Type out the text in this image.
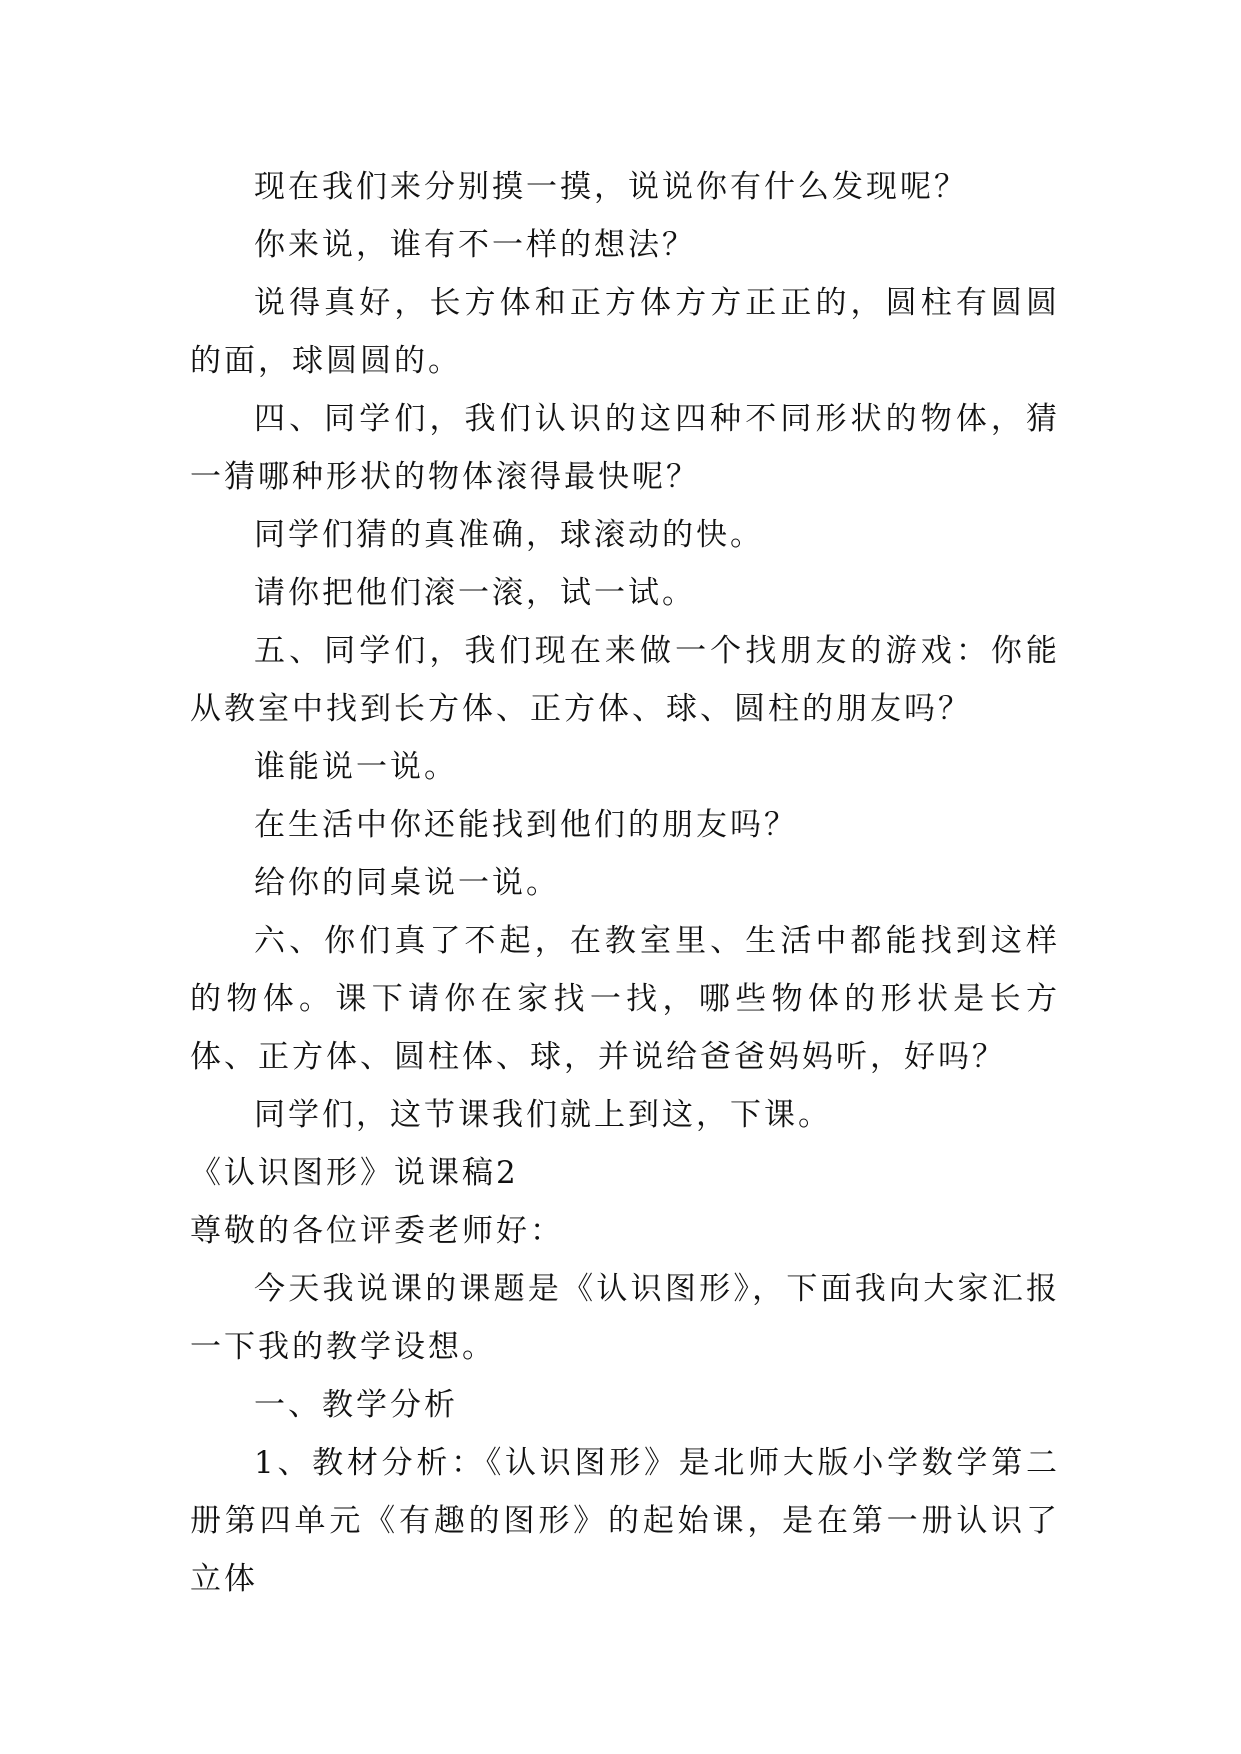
现在我们来分别摸一摸，说说你有什么发现呢？

你来说，谁有不一样的想法？

说得真好，长方体和正方体方方正正的，圆柱有圆圆的面，球圆圆的。

四、同学们，我们认识的这四种不同形状的物体，猜一猜哪种形状的物体滚得最快呢？

同学们猜的真准确，球滚动的快。

请你把他们滚一滚，试一试。

五、同学们，我们现在来做一个找朋友的游戏：你能从教室中找到长方体、正方体、球、圆柱的朋友吗？

谁能说一说。

在生活中你还能找到他们的朋友吗？

给你的同桌说一说。

六、你们真了不起，在教室里、生活中都能找到这样的物体。课下请你在家找一找，哪些物体的形状是长方体、正方体、圆柱体、球，并说给爸爸妈妈听，好吗？

同学们，这节课我们就上到这，下课。

《认识图形》说课稿2

尊敬的各位评委老师好：

今天我说课的课题是《认识图形》，下面我向大家汇报一下我的教学设想。

一、教学分析

1、教材分析：《认识图形》是北师大版小学数学第二册第四单元《有趣的图形》的起始课，是在第一册认识了立体
